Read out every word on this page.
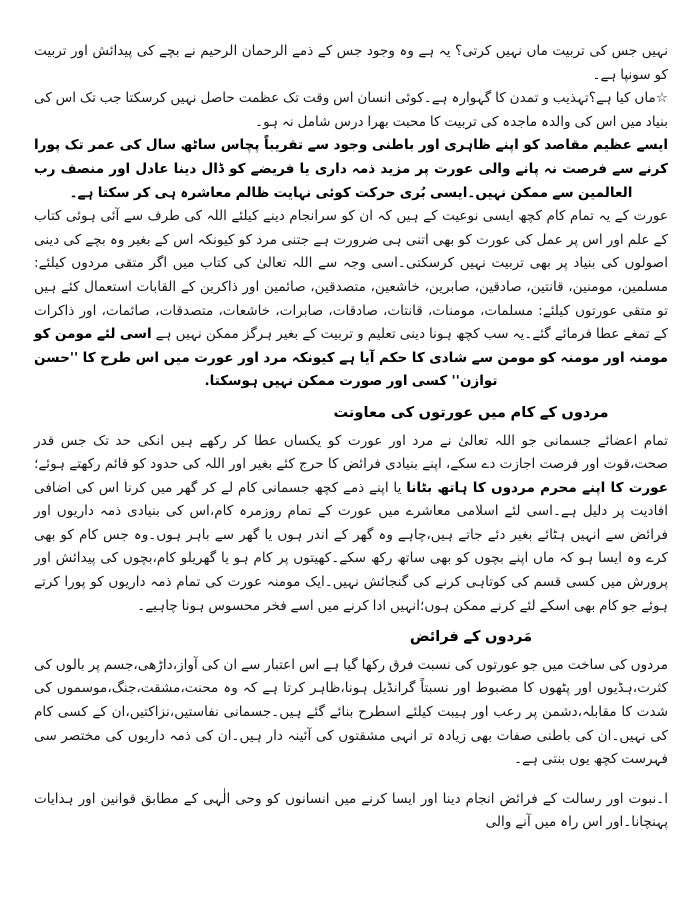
نہیں جس کی تربیت ماں نہیں کرتی؟ یہ ہے وہ وجود جس کے ذمے الرحمان الرحیم نے بچے کی پیدائش اور تربیت کو سونپا ہے۔

☆ماں کیا ہے؟تہذیب و تمدن کا گہوارہ ہے۔کوئی انسان اس وقت تک عظمت حاصل نہیں کرسکتا جب تک اس کی بنیاد میں اس کی والدہ ماجدہ کی تربیت کا محبت بھرا درس شامل نہ ہو۔

ایسے عظیم مقاصد کو اپنے ظاہری اور باطنی وجود سے تقریباً پچاس ساٹھ سال کی عمر تک پورا کرنے سے فرصت نہ پانے والی عورت پر مزید ذمہ داری یا فریضے کو ڈال دینا عادل اور منصف رب العالمین سے ممکن نہیں۔ایسی بُری حرکت کوئی نہایت ظالم معاشرہ ہی کر سکتا ہے۔

عورت کے یہ تمام کام کچھ ایسی نوعیت کے ہیں کہ ان کو سرانجام دینے کیلئے اللہ کی طرف سے آئی ہوئی کتاب کے علم اور اس پر عمل کی عورت کو بھی اتنی ہی ضرورت ہے جتنی مرد کو کیونکہ اس کے بغیر وہ بچے کی دینی اصولوں کی بنیاد پر بھی تربیت نہیں کرسکتی۔اسی وجہ سے اللہ تعالیٰ کی کتاب میں اگر متقی مردوں کیلئے: مسلمین، مومنین، قانتین، صادقین، صابرین، خاشعین، متصدقین، صائمین اور ذاکرین کے القابات استعمال کئے ہیں تو متقی عورتوں کیلئے: مسلمات، مومنات، قانتات، صادقات، صابرات، خاشعات، متصدقات، صائمات، اور ذاکرات کے تمغے عطا فرمائے گئے۔یہ سب کچھ ہونا دینی تعلیم و تربیت کے بغیر ہرگز ممکن نہیں ہے اسی لئے مومن کو مومنہ اور مومنہ کو مومن سے شادی کا حکم آیا ہے کیونکہ مرد اور عورت میں اس طرح کا ''حسن توازن'' کسی اور صورت ممکن نہیں ہوسکتا.

مردوں کے کام میں عورتوں کی معاونت

تمام اعضائے جسمانی جو اللہ تعالیٰ نے مرد اور عورت کو یکساں عطا کر رکھے ہیں انکی حد تک جس قدر صحت،قوت اور فرصت اجازت دے سکے، اپنے بنیادی فرائض کا حرج کئے بغیر اور اللہ کی حدود کو قائم رکھتے ہوئے؛عورت کا اپنے محرم مردوں کا ہاتھ بٹانا یا اپنے ذمے کچھ جسمانی کام لے کر گھر میں کرنا اس کی اضافی افادیت پر دلیل ہے۔اسی لئے اسلامی معاشرے میں عورت کے تمام روزمرہ کام،اس کی بنیادی ذمہ داریوں اور فرائض سے انہیں ہٹائے بغیر دئے جاتے ہیں،چاہے وہ گھر کے اندر ہوں یا گھر سے باہر ہوں۔وہ جس کام کو بھی کرے وہ ایسا ہو کہ ماں اپنے بچوں کو بھی ساتھ رکھ سکے۔کھیتوں پر کام ہو یا گھریلو کام،بچوں کی پیدائش اور پرورش میں کسی قسم کی کوتاہی کرنے کی گنجائش نہیں۔ایک مومنہ عورت کی تمام ذمہ داریوں کو پورا کرتے ہوئے جو کام بھی اسکے لئے کرنے ممکن ہوں؛انہیں ادا کرنے میں اسے فخر محسوس ہونا چاہیے۔

مَردوں کے فرائض

مردوں کی ساخت میں جو عورتوں کی نسبت فرق رکھا گیا ہے اس اعتبار سے ان کی آواز،داڑھی،جسم پر بالوں کی کثرت،ہڈیوں اور پٹھوں کا مضبوط اور نسبتاً گرانڈیل ہونا،ظاہر کرتا ہے کہ وہ محنت،مشقت،جنگ،موسموں کی شدت کا مقابلہ،دشمن پر رعب اور ہیبت کیلئے اسطرح بنائے گئے ہیں۔جسمانی نفاستیں،نزاکتیں،ان کے کسی کام کی نہیں۔ان کی باطنی صفات بھی زیادہ تر انہی مشقتوں کی آئینہ دار ہیں۔ان کی ذمہ داریوں کی مختصر سی فہرست کچھ یوں بنتی ہے۔

ا۔نبوت اور رسالت کے فرائض انجام دینا اور ایسا کرنے میں انسانوں کو وحی الٰہی کے مطابق قوانین اور ہدایات پہنچانا۔اور اس راہ میں آنے والی
